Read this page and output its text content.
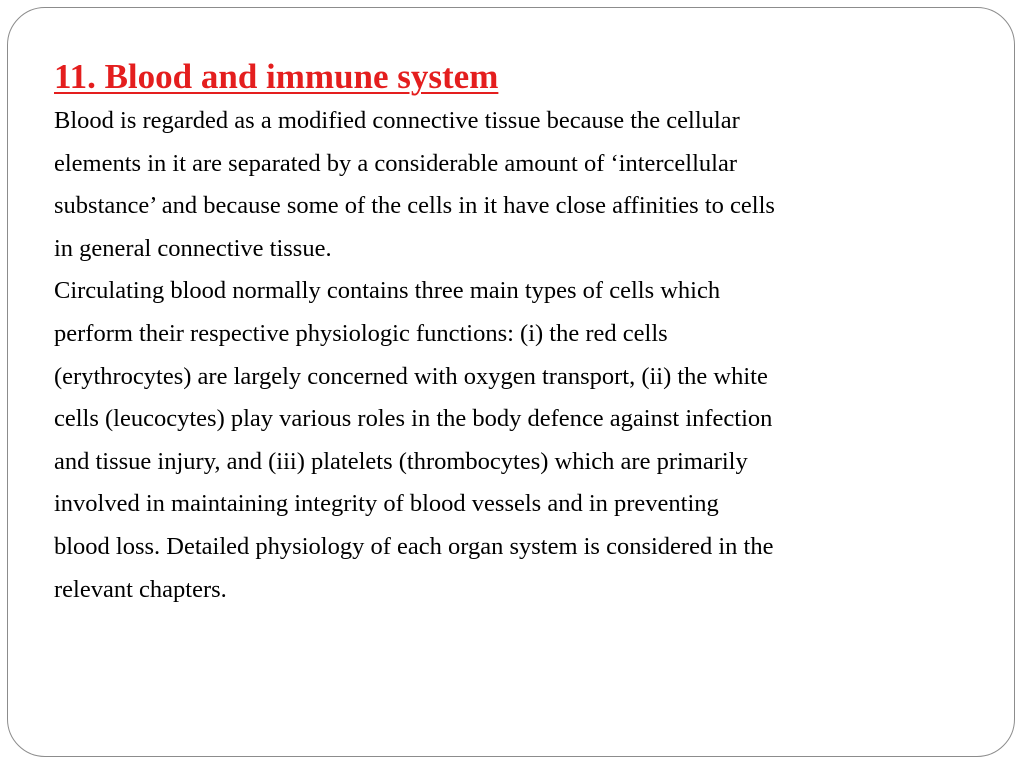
11. Blood and immune system

Blood is regarded as a modified connective tissue because the cellular
elements in it are separated by a considerable amount of ‘intercellular
substance’ and because some of the cells in it have close affinities to cells
in general connective tissue.

Circulating blood normally contains three main types of cells which
perform their respective physiologic functions: (i) the red cells
(erythrocytes) are largely concerned with oxygen transport, (ii) the white
cells (leucocytes) play various roles in the body defence against infection
and tissue injury, and (iii) platelets (thrombocytes) which are primarily
involved in maintaining integrity of blood vessels and in preventing
blood loss. Detailed physiology of each organ system is considered in the
relevant chapters.
